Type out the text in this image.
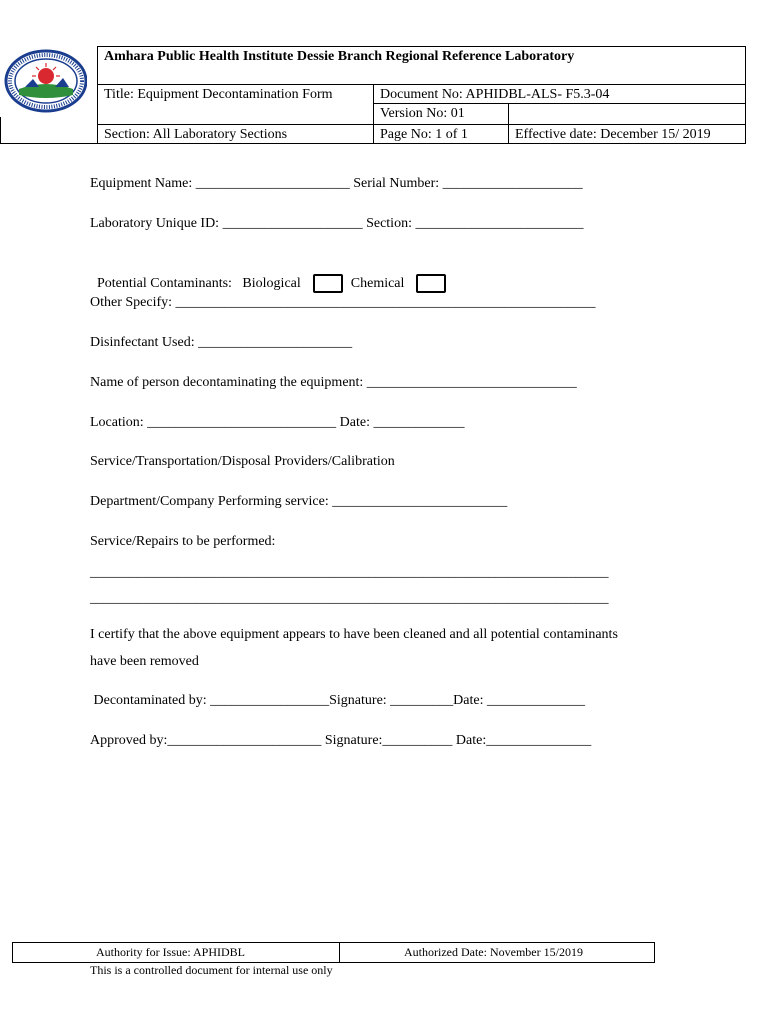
Amhara Public Health Institute Dessie Branch Regional Reference Laboratory
Title: Equipment Decontamination Form	Document No: APHIDBL-ALS- F5.3-04
Version No: 01
Section: All Laboratory Sections	Page No: 1 of 1	Effective date: December 15/ 2019
Equipment Name: ______________________ Serial Number: ____________________
Laboratory Unique ID: ____________________ Section: ________________________

Potential Contaminants:   Biological	Chemical

Other Specify: ____________________________________________________________
Disinfectant Used: ______________________
Name of person decontaminating the equipment: ______________________________
Location: ___________________________ Date: _____________
Service/Transportation/Disposal Providers/Calibration
Department/Company Performing service: _________________________
Service/Repairs to be performed:
______________________________________________________________________________
______________________________________________________________________________
I certify that the above equipment appears to have been cleaned and all potential contaminants
have been removed
Decontaminated by: _________________Signature: _________Date: ______________
Approved by:______________________ Signature:__________ Date:_______________
Authority for Issue: APHIDBL	Authorized Date: November 15/2019
This is a controlled document for internal use only
